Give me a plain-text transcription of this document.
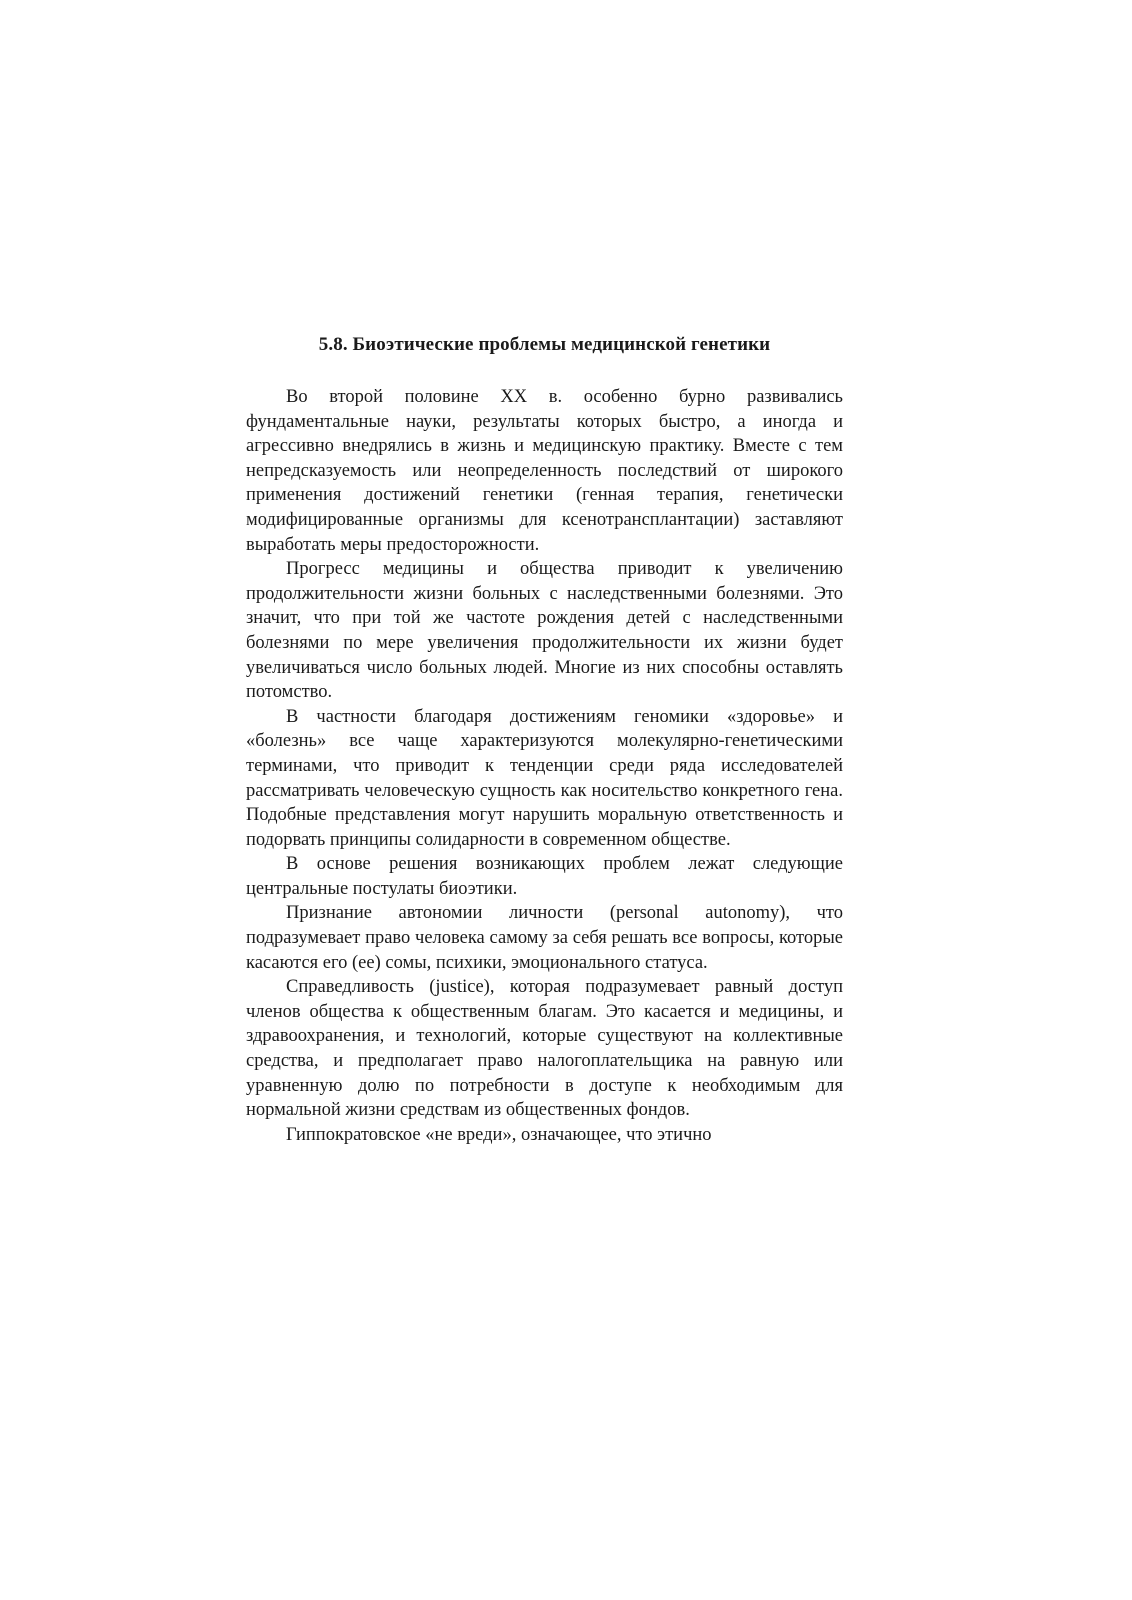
5.8. Биоэтические проблемы медицинской генетики

Во второй половине XX в. особенно бурно развивались фундаментальные науки, результаты которых быстро, а иногда и агрессивно внедрялись в жизнь и медицинскую практику. Вместе с тем непредсказуемость или неопределенность последствий от широкого применения достижений генетики (генная терапия, генетически модифицированные организмы для ксенотрансплантации) заставляют выработать меры предосторожности.

Прогресс медицины и общества приводит к увеличению продолжительности жизни больных с наследственными болезнями. Это значит, что при той же частоте рождения детей с наследственными болезнями по мере увеличения продолжительности их жизни будет увеличиваться число больных людей. Многие из них способны оставлять потомство.

В частности благодаря достижениям геномики «здоровье» и «болезнь» все чаще характеризуются молекулярно-генетическими терминами, что приводит к тенденции среди ряда исследователей рассматривать человеческую сущность как носительство конкретного гена. Подобные представления могут нарушить моральную ответственность и подорвать принципы солидарности в современном обществе.

В основе решения возникающих проблем лежат следующие центральные постулаты биоэтики.

Признание автономии личности (personal autonomy), что подразумевает право человека самому за себя решать все вопросы, которые касаются его (ее) сомы, психики, эмоционального статуса.

Справедливость (justice), которая подразумевает равный доступ членов общества к общественным благам. Это касается и медицины, и здравоохранения, и технологий, которые существуют на коллективные средства, и предполагает право налогоплательщика на равную или уравненную долю по потребности в доступе к необходимым для нормальной жизни средствам из общественных фондов.

Гиппократовское «не вреди», означающее, что этично
